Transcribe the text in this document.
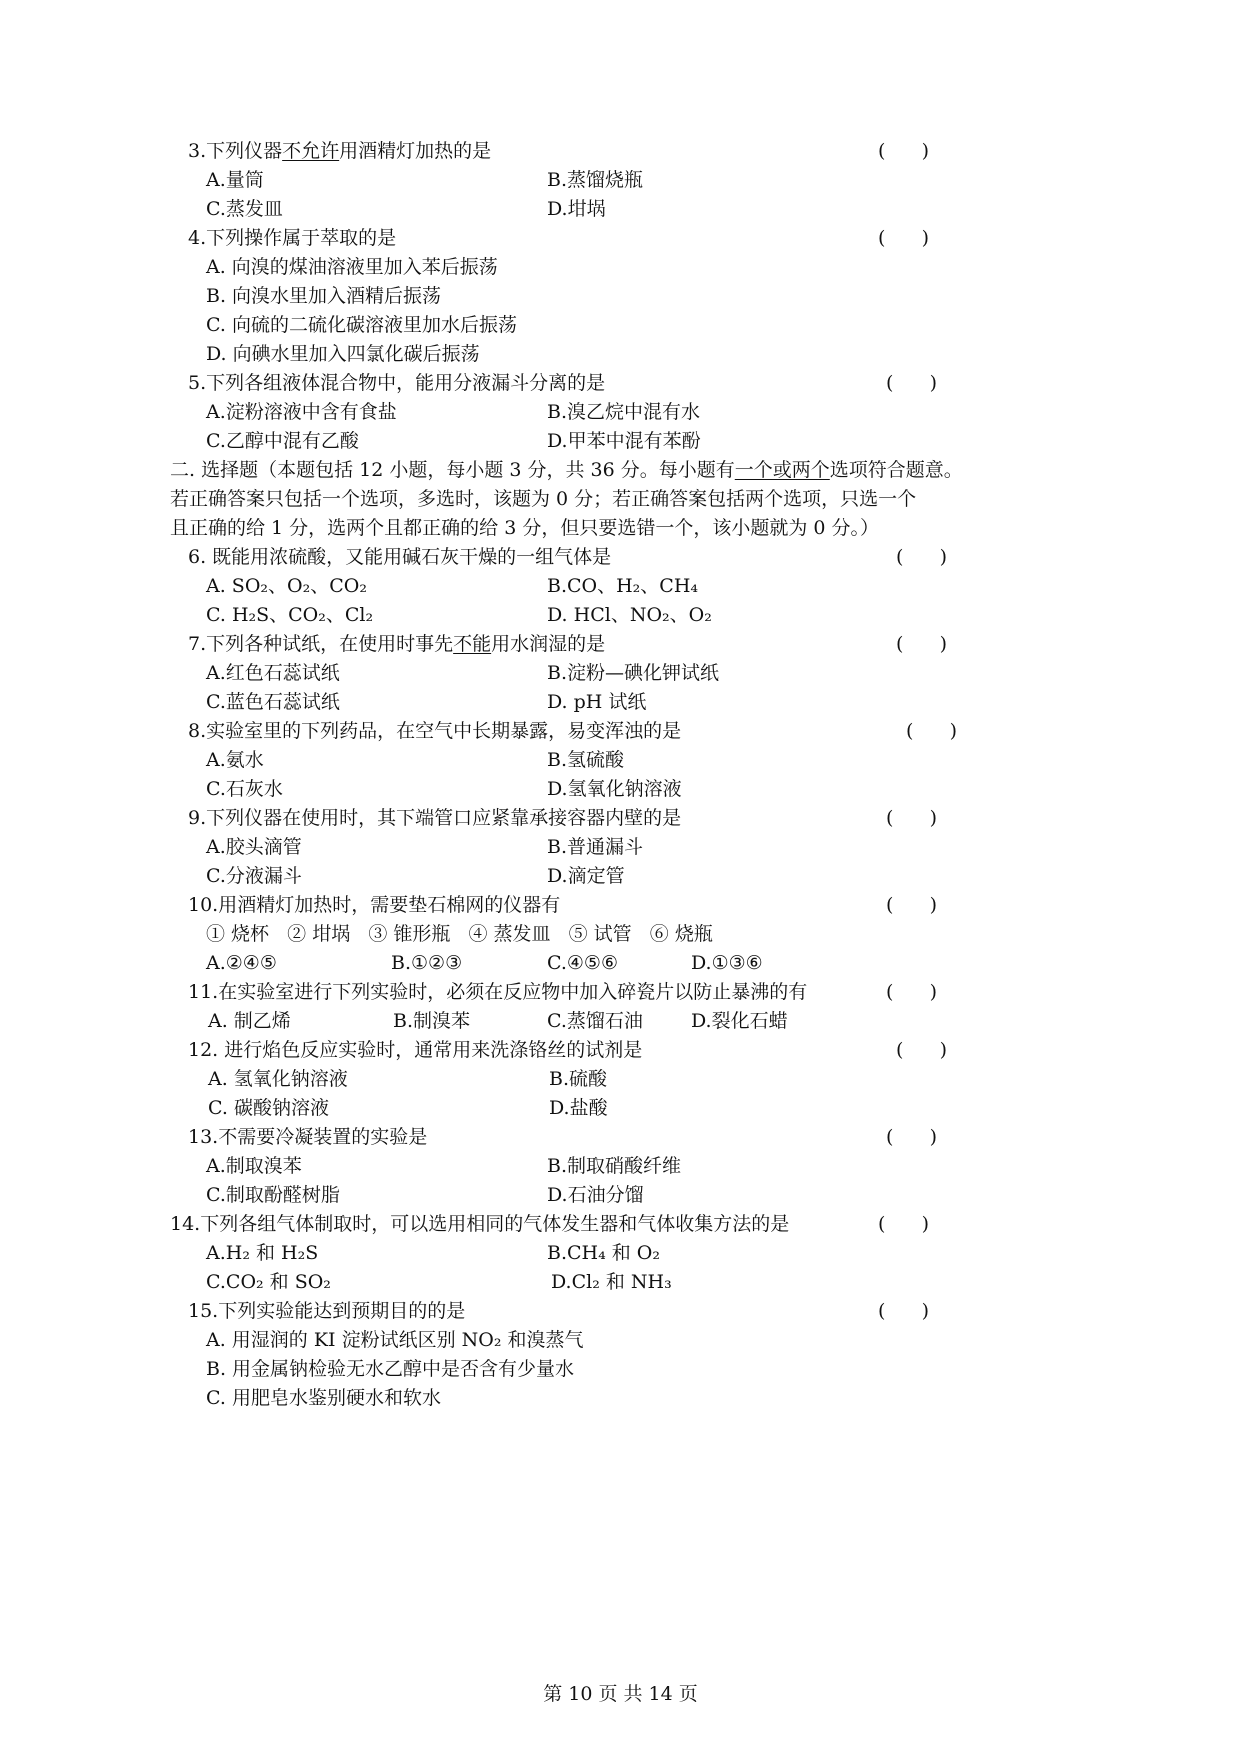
3.下列仪器不允许用酒精灯加热的是	(      )
A.量筒	B.蒸馏烧瓶
C.蒸发皿	D.坩埚
4.下列操作属于萃取的是	(      )
A. 向溴的煤油溶液里加入苯后振荡
B. 向溴水里加入酒精后振荡
C. 向硫的二硫化碳溶液里加水后振荡
D. 向碘水里加入四氯化碳后振荡
5.下列各组液体混合物中，能用分液漏斗分离的是	(      )
A.淀粉溶液中含有食盐	B.溴乙烷中混有水
C.乙醇中混有乙酸	D.甲苯中混有苯酚
二. 选择题（本题包括 12 小题，每小题 3 分，共 36 分。每小题有一个或两个选项符合题意。
若正确答案只包括一个选项，多选时，该题为 0 分；若正确答案包括两个选项，只选一个
且正确的给 1 分，选两个且都正确的给 3 分，但只要选错一个，该小题就为 0 分。）
6. 既能用浓硫酸，又能用碱石灰干燥的一组气体是	(      )
A. SO₂、O₂、CO₂	B.CO、H₂、CH₄
C. H₂S、CO₂、Cl₂	D. HCl、NO₂、O₂
7.下列各种试纸，在使用时事先不能用水润湿的是	(      )
A.红色石蕊试纸	B.淀粉—碘化钾试纸
C.蓝色石蕊试纸	D. pH 试纸
8.实验室里的下列药品，在空气中长期暴露，易变浑浊的是	(      )
A.氨水	B.氢硫酸
C.石灰水	D.氢氧化钠溶液
9.下列仪器在使用时，其下端管口应紧靠承接容器内壁的是	(      )
A.胶头滴管	B.普通漏斗
C.分液漏斗	D.滴定管
10.用酒精灯加热时，需要垫石棉网的仪器有	(      )
① 烧杯   ② 坩埚   ③ 锥形瓶   ④ 蒸发皿   ⑤ 试管   ⑥ 烧瓶
A.②④⑤	B.①②③	C.④⑤⑥	D.①③⑥
11.在实验室进行下列实验时，必须在反应物中加入碎瓷片以防止暴沸的有	(      )
A. 制乙烯	B.制溴苯	C.蒸馏石油	D.裂化石蜡
12. 进行焰色反应实验时，通常用来洗涤铬丝的试剂是	(      )
A. 氢氧化钠溶液	B.硫酸
C. 碳酸钠溶液	D.盐酸
13.不需要冷凝装置的实验是	(      )
A.制取溴苯	B.制取硝酸纤维
C.制取酚醛树脂	D.石油分馏
14.下列各组气体制取时，可以选用相同的气体发生器和气体收集方法的是	(      )
A.H₂ 和 H₂S	B.CH₄ 和 O₂
C.CO₂ 和 SO₂	D.Cl₂ 和 NH₃
15.下列实验能达到预期目的的是	(      )
A. 用湿润的 KI 淀粉试纸区别 NO₂ 和溴蒸气
B. 用金属钠检验无水乙醇中是否含有少量水
C. 用肥皂水鉴别硬水和软水
第 10 页 共 14 页
